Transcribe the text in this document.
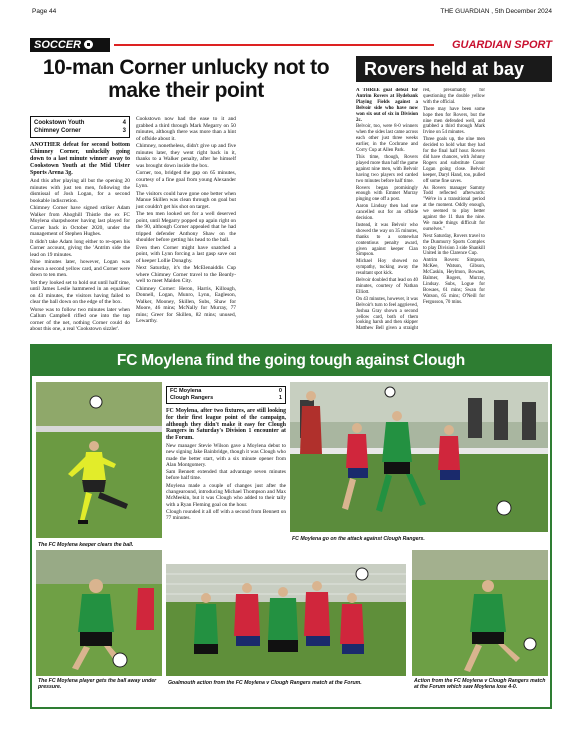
Page 44	THE GUARDIAN , 5th December 2024
SOCCER	GUARDIAN SPORT
10-man Corner unlucky not to make their point
Cookstown Youth	4
Chimney Corner	3

ANOTHER defeat for second bottom Chimney Corner, unluckily going down to a last minute winner away to Cookstown Youth at the Mid Ulster Sports Arena 3g.

And this after playing all but the opening 20 minutes with just ten men, following the dismissal of Josh Logan, for a second bookable indiscretion.

Chimney Corner have signed striker Adam Walker from Ahoghill Thistle the ex FC Moylena sharpshooter having last played for Corner back in October 2020, under the management of Stephen Hughes.

It didn't take Adam long either to re-open his Corner account, giving the 'Antrim side the lead on 19 minutes.

Nine minutes later, however, Logan was shown a second yellow card, and Corner were down to ten men.

Yet they looked set to hold out until half time, until James Leslie hammered in an equaliser on 43 minutes, the visitors having failed to clear the ball down on the edge of the box.

Worse was to follow two minutes later when Callum Campbell rifled one into the top corner of the net, nothing Corner could do about this one, a real 'Cookstown sizzler'.

Cookstown now had the ease to it and grabbed a third through Mark Megarry on 50 minutes, although there was more than a hint of offside about it.

Chimney, nonetheless, didn't give up and five minutes later, they went right back in it, thanks to a Walker penalty, after he himself was brought down inside the box.

Corner, too, bridged the gap on 65 minutes, courtesy of a fine goal from young Alexander Lynn.

The visitors could have gone one better when Manue Skillen was clean through on goal but just couldn't get his shot on target.

The ten men looked set for a well deserved point, until Megarry popped up again right on the 90, although Corner appealed that he had tripped defender Anthony Shaw on the shoulder before getting his head to the ball.

Even then Corner might have snatched a point, with Lynn forcing a last gasp save out of keeper Lollie Donaghy.

Next Saturday, it's the McElenaiddis Cup where Chimney Corner travel to the Beardy-well to meet Maiden City.

Chimney Corner: Heron, Harris, Killough, Donnell, Logan, Munro, Lynn, Eagleson, Walker, Mooney, Skillen, Subs, Shaw for Moore, 46 mins; McNally for Murray, 77 mins; Greer for Skillen, 82 mins; unused, Lewarthy.

Rovers held at bay

A THREE goal defeat for Antrim Rovers at Hydebank Playing Fields against a Belvoir side who have now won six out of six in Division 2c.

Belvoir, too, were 8-0 winners when the sides last came across each other just three weeks earlier, in the Cochrane and Corry Cup at Allen Park.

This time, though, Rovers played more than half the game against nine men, with Belvoir having two players red carded two minutes before half time.

Rovers began promisingly enough with Emmet Murray pinging one off a post.

Aaron Lindsay then had one cancelled out for an offside decision.

Instead, it was Belvoir who showed the way on 35 minutes, thanks to a somewhat contentious penalty award, given against keeper Cian Simpson.

Michael Hoy showed no sympathy, tucking away the resultant spot kick.

Belvoir doubled that lead on 40 minutes, courtesy of Nathan Elliott.

On 43 minutes, however, it was Belvoir's turn to feel aggrieved, Joshua Gray shown a second yellow card, both of them looking harsh and then skipper Matthew Bell given a straight red, presumably for questioning the double yellow with the official.

There may have been some hope then for Rovers, but the nine men defended well, and grabbed a third through Mark Irvine on 54 minutes.

Three goals up, the nine men decided to hold what they had for the final half hour. Rovers did have chances, with Johnny Rogers and substitute Conor Logan going close. Belvoir keeper, Daryl Hand, too, pulled off some fine saves.

As Rovers manager Sammy Todd reflected afterwards: "We're in a transitional period at the moment. Oddly enough, we seemed to play better against the 11 than the nine. We made things difficult for ourselves."

Next Saturday, Rovers travel to the Dunmurry Sports Complex to play Division 3 side Shankill United in the Clarence Cup.

Antrim Rovers: Simpson, McKee, Watson, Gibson, McCaskin, Heylmon, Bowaes, Balmer, Rogers, Murray, Lindsay. Subs, Logue for Bowaes, 61 mins; Swan for Watson, 65 mins; O'Neill for Fergusson, 70 mins.

FC Moylena find the going tough against Clough
The FC Moylena keeper clears the ball.
FC Moylena	0
Clough Rangers	1

FC Moylena, after two fixtures, are still looking for their first league point of the campaign, although they didn't make it easy for Clough Rangers in Saturday's Division 1 encounter at the Forum.

New manager Stevie Wilson gave a Moylena debut to new signing Jake Bainbridge, though it was Clough who made the better start, with a six minute opener from Alan Montgomery.

Sam Bennett extended that advantage seven minutes before half time.

Moylena made a couple of changes just after the changearound, introducing Michael Thompson and Max McMeekin, but it was Clough who added to their tally with a Ryan Fleming goal on the hour.

Clough rounded it all off with a second from Bennett on 77 minutes.

FC Moylena go on the attack against Clough Rangers.
The FC Moylena player gets the ball away under pressure.
Goalmouth action from the FC Moylena v Clough Rangers match at the Forum.	Action from the FC Moylena v Clough Rangers match at the Forum which saw Moylena lose 4-0.
